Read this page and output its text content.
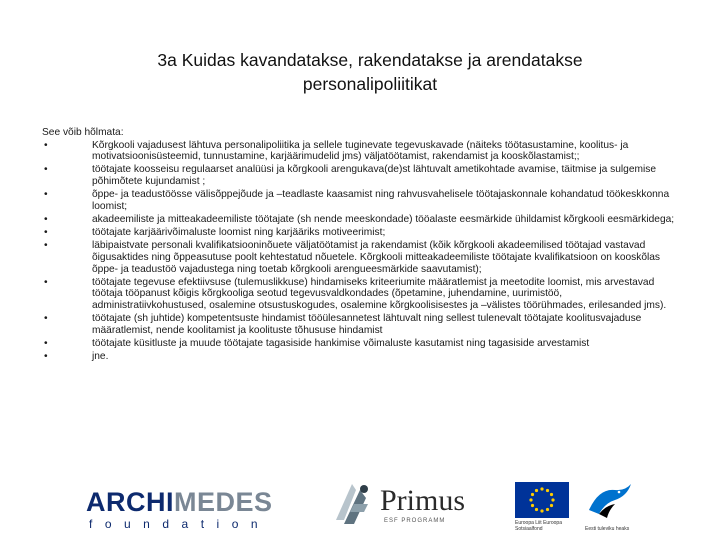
3a Kuidas kavandatakse, rakendatakse ja arendatakse
personalipoliitikat
See võib hõlmata:
•	Kõrgkooli vajadusest lähtuva personalipoliitika ja sellele tuginevate tegevuskavade (näiteks töötasustamine, koolitus- ja motivatsioonisüsteemid, tunnustamine, karjäärimudelid jms) väljatöötamist, rakendamist ja kooskõlastamist;;
•	töötajate koosseisu regulaarset analüüsi ja kõrgkooli arengukava(de)st lähtuvalt ametikohtade avamise, täitmise ja sulgemise põhimõtete kujundamist ;
•	õppe- ja teadustöösse välisõppejõude ja –teadlaste kaasamist ning rahvusvahelisele töötajaskonnale kohandatud töökeskkonna loomist;
•	akadeemiliste ja mitteakadeemiliste töötajate (sh nende meeskondade) tööalaste eesmärkide ühildamist kõrgkooli eesmärkidega;
•	töötajate karjäärivõimaluste loomist ning karjääriks motiveerimist;
•	läbipaistvate personali kvalifikatsiooninõuete väljatöötamist ja rakendamist (kõik kõrgkooli akadeemilised töötajad vastavad õigusaktides ning õppeasutuse poolt kehtestatud nõuetele. Kõrgkooli mitteakadeemiliste töötajate kvalifikatsioon on kooskõlas õppe- ja teadustöö vajadustega ning toetab kõrgkooli arengueesmärkide saavutamist);
•	töötajate tegevuse efektiivsuse (tulemuslikkuse) hindamiseks kriteeriumite määratlemist ja meetodite loomist, mis arvestavad töötaja tööpanust kõigis kõrgkooliga seotud tegevusvaldkondades (õpetamine, juhendamine, uurimistöö, administratiivkohustused, osalemine otsustuskogudes, osalemine kõrgkoolisisestes ja –välistes töörühmades, erilesanded jms).
•	töötajate (sh juhtide) kompetentsuste hindamist tööülesannetest lähtuvalt ning sellest tulenevalt töötajate koolitusvajaduse määratlemist, nende koolitamist ja koolituste tõhususe hindamist
•	töötajate küsitluste ja muude töötajate tagasiside hankimise võimaluste kasutamist ning tagasiside arvestamist
•	jne.
ARCHIMEDES
foundation
Primus
ESF PROGRAMM	Euroopa Liit Euroopa Sotsiaalfond	Eesti tuleviku heaks
